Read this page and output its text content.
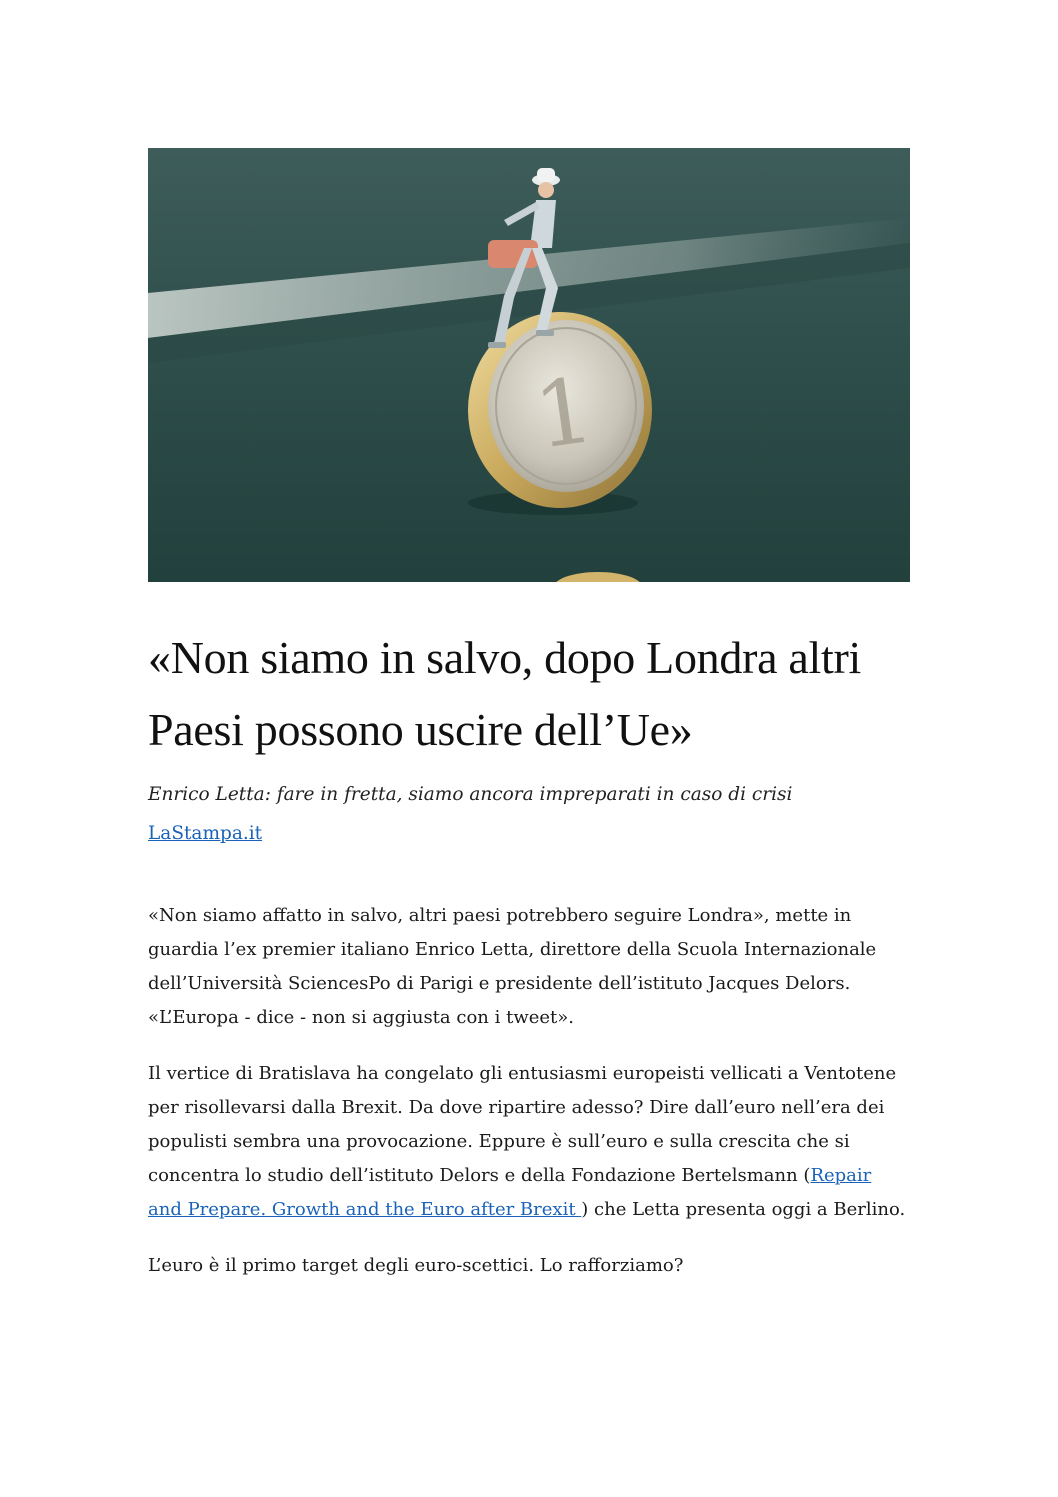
1
«Non siamo in salvo, dopo Londra altri Paesi possono uscire dell’Ue»
Enrico Letta: fare in fretta, siamo ancora impreparati in caso di crisi
LaStampa.it

«Non siamo affatto in salvo, altri paesi potrebbero seguire Londra», mette in guardia l’ex premier italiano Enrico Letta, direttore della Scuola Internazionale dell’Università SciencesPo di Parigi e presidente dell’istituto Jacques Delors. «L’Europa - dice - non si aggiusta con i tweet».

Il vertice di Bratislava ha congelato gli entusiasmi europeisti vellicati a Ventotene per risollevarsi dalla Brexit. Da dove ripartire adesso? Dire dall’euro nell’era dei populisti sembra una provocazione. Eppure è sull’euro e sulla crescita che si concentra lo studio dell’istituto Delors e della Fondazione Bertelsmann (Repair and Prepare. Growth and the Euro after Brexit ) che Letta presenta oggi a Berlino.

L’euro è il primo target degli euro-scettici. Lo rafforziamo?
